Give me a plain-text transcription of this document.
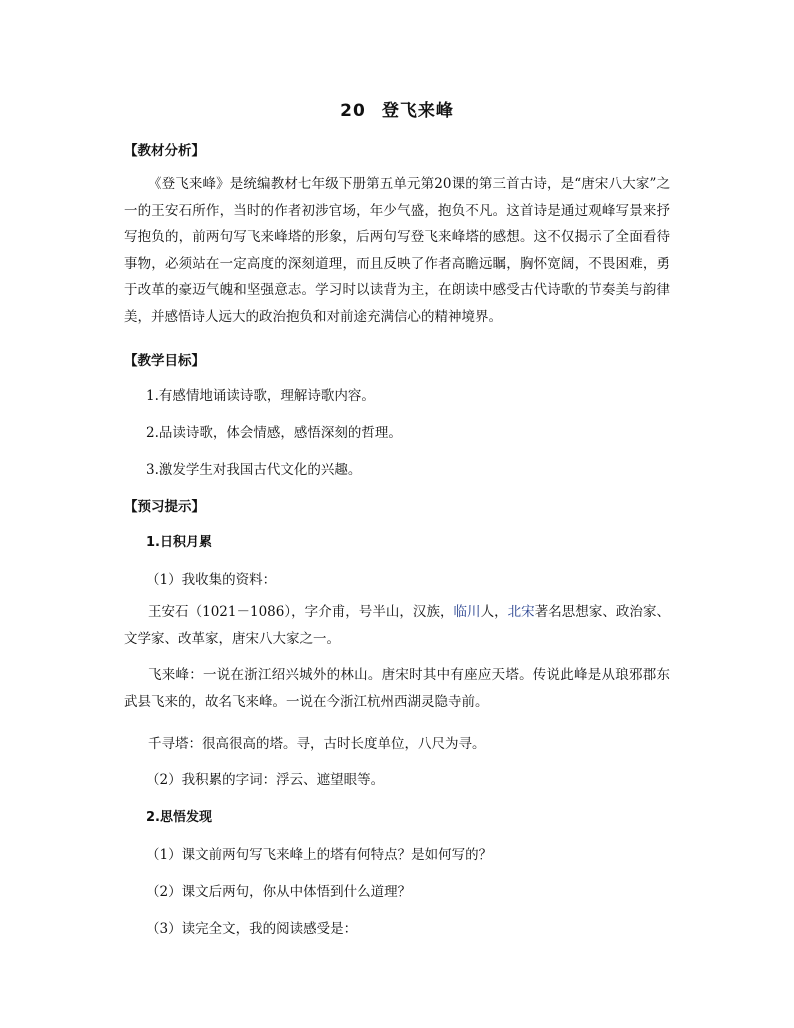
20 登飞来峰
【教材分析】
《登飞来峰》是统编教材七年级下册第五单元第20课的第三首古诗，是“唐宋八大家”之一的王安石所作，当时的作者初涉官场，年少气盛，抱负不凡。这首诗是通过观峰写景来抒写抱负的，前两句写飞来峰塔的形象，后两句写登飞来峰塔的感想。这不仅揭示了全面看待事物，必须站在一定高度的深刻道理，而且反映了作者高瞻远瞩，胸怀宽阔，不畏困难，勇于改革的豪迈气魄和坚强意志。学习时以读背为主，在朗读中感受古代诗歌的节奏美与韵律美，并感悟诗人远大的政治抱负和对前途充满信心的精神境界。
【教学目标】
1.有感情地诵读诗歌，理解诗歌内容。
2.品读诗歌，体会情感，感悟深刻的哲理。
3.激发学生对我国古代文化的兴趣。
【预习提示】
1.日积月累
（1）我收集的资料：
王安石（1021－1086），字介甫，号半山，汉族，临川人，北宋著名思想家、政治家、文学家、改革家，唐宋八大家之一。
飞来峰：一说在浙江绍兴城外的林山。唐宋时其中有座应天塔。传说此峰是从琅邪郡东武县飞来的，故名飞来峰。一说在今浙江杭州西湖灵隐寺前。
千寻塔：很高很高的塔。寻，古时长度单位，八尺为寻。
（2）我积累的字词：浮云、遮望眼等。
2.思悟发现
（1）课文前两句写飞来峰上的塔有何特点？是如何写的？
（2）课文后两句，你从中体悟到什么道理？
（3）读完全文，我的阅读感受是：
